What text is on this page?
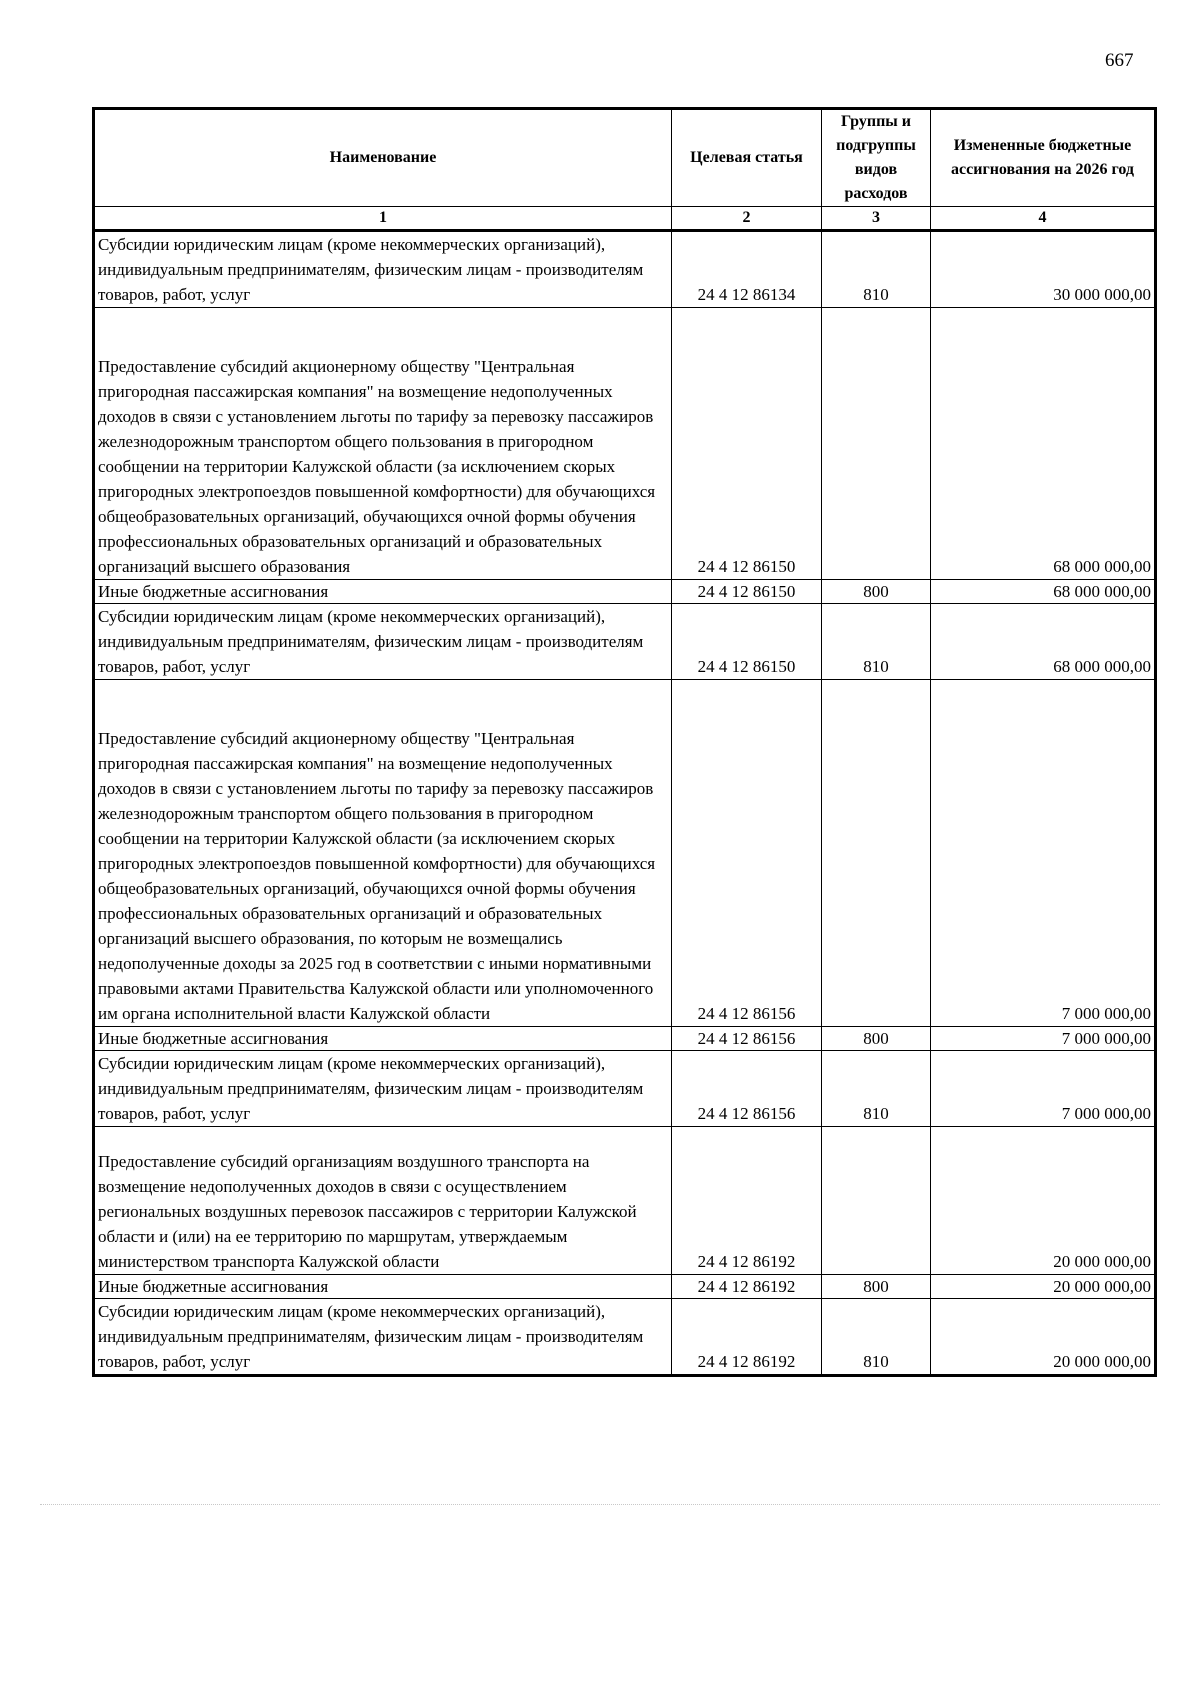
667
Наименование	Целевая статья	Группы и подгруппы видов расходов	Измененные бюджетные ассигнования на 2026 год
1	2	3	4
Субсидии юридическим лицам (кроме некоммерческих организаций), индивидуальным предпринимателям, физическим лицам - производителям товаров, работ, услуг	24 4 12 86134	810	30 000 000,00
Предоставление субсидий акционерному обществу "Центральная пригородная пассажирская компания" на возмещение недополученных доходов в связи с установлением льготы по тарифу за перевозку пассажиров железнодорожным транспортом общего пользования в пригородном сообщении на территории Калужской области (за исключением скорых пригородных электропоездов повышенной комфортности) для обучающихся общеобразовательных организаций, обучающихся очной формы обучения профессиональных образовательных организаций и образовательных организаций высшего образования	24 4 12 86150		68 000 000,00
Иные бюджетные ассигнования	24 4 12 86150	800	68 000 000,00
Субсидии юридическим лицам (кроме некоммерческих организаций), индивидуальным предпринимателям, физическим лицам - производителям товаров, работ, услуг	24 4 12 86150	810	68 000 000,00
Предоставление субсидий акционерному обществу "Центральная пригородная пассажирская компания" на возмещение недополученных доходов в связи с установлением льготы по тарифу за перевозку пассажиров железнодорожным транспортом общего пользования в пригородном сообщении на территории Калужской области (за исключением скорых пригородных электропоездов повышенной комфортности) для обучающихся общеобразовательных организаций, обучающихся очной формы обучения профессиональных образовательных организаций и образовательных организаций высшего образования, по которым не возмещались недополученные доходы за 2025 год в соответствии с иными нормативными правовыми актами Правительства Калужской области или уполномоченного им органа исполнительной власти Калужской области	24 4 12 86156		7 000 000,00
Иные бюджетные ассигнования	24 4 12 86156	800	7 000 000,00
Субсидии юридическим лицам (кроме некоммерческих организаций), индивидуальным предпринимателям, физическим лицам - производителям товаров, работ, услуг	24 4 12 86156	810	7 000 000,00
Предоставление субсидий организациям воздушного транспорта на возмещение недополученных доходов в связи с осуществлением региональных воздушных перевозок пассажиров с территории Калужской области и (или) на ее территорию по маршрутам, утверждаемым министерством транспорта Калужской области	24 4 12 86192		20 000 000,00
Иные бюджетные ассигнования	24 4 12 86192	800	20 000 000,00
Субсидии юридическим лицам (кроме некоммерческих организаций), индивидуальным предпринимателям, физическим лицам - производителям товаров, работ, услуг	24 4 12 86192	810	20 000 000,00
